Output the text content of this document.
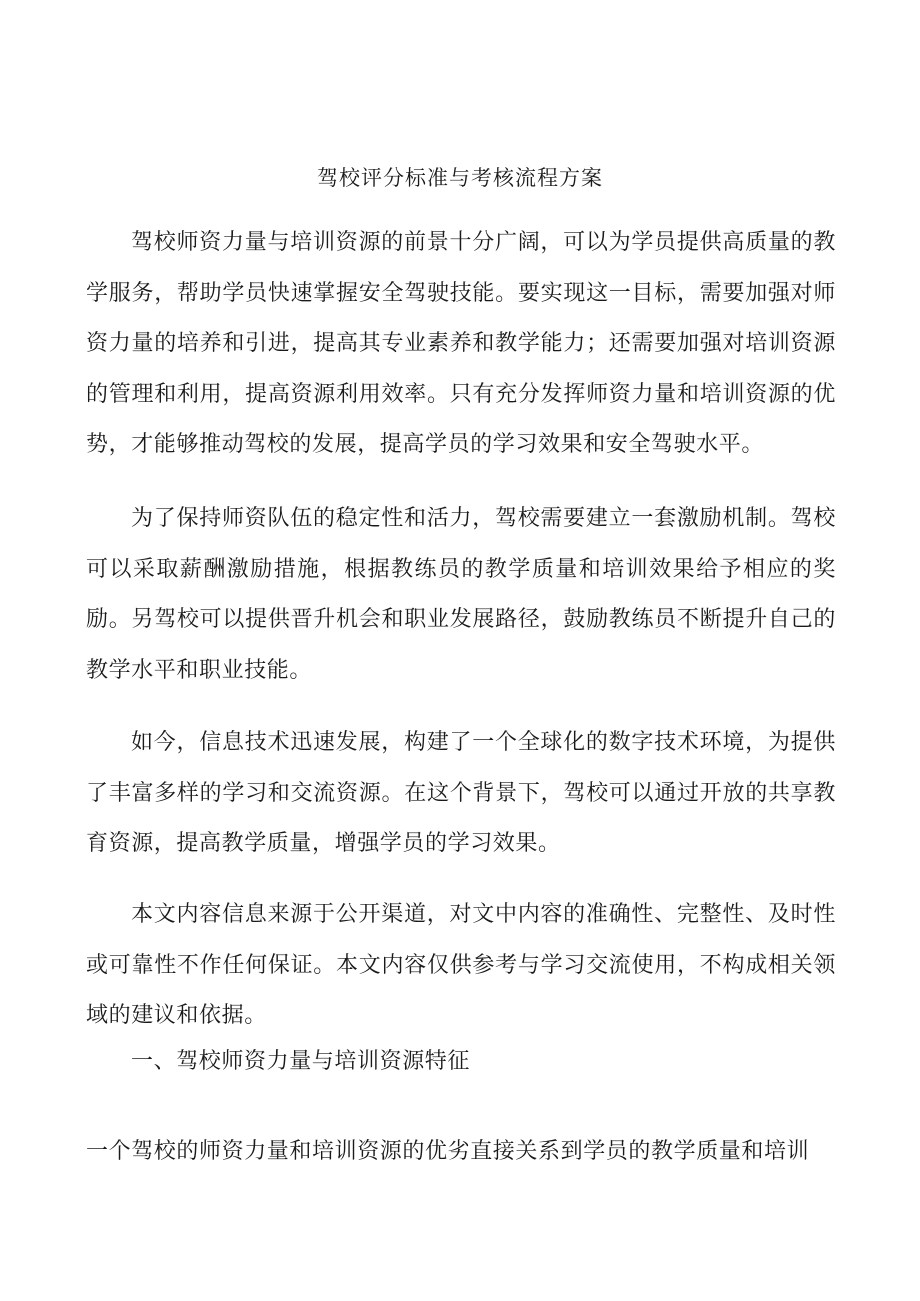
驾校评分标准与考核流程方案

驾校师资力量与培训资源的前景十分广阔，可以为学员提供高质量的教学服务，帮助学员快速掌握安全驾驶技能。要实现这一目标，需要加强对师资力量的培养和引进，提高其专业素养和教学能力；还需要加强对培训资源的管理和利用，提高资源利用效率。只有充分发挥师资力量和培训资源的优势，才能够推动驾校的发展，提高学员的学习效果和安全驾驶水平。

为了保持师资队伍的稳定性和活力，驾校需要建立一套激励机制。驾校可以采取薪酬激励措施，根据教练员的教学质量和培训效果给予相应的奖励。另驾校可以提供晋升机会和职业发展路径，鼓励教练员不断提升自己的教学水平和职业技能。

如今，信息技术迅速发展，构建了一个全球化的数字技术环境，为提供了丰富多样的学习和交流资源。在这个背景下，驾校可以通过开放的共享教育资源，提高教学质量，增强学员的学习效果。

本文内容信息来源于公开渠道，对文中内容的准确性、完整性、及时性或可靠性不作任何保证。本文内容仅供参考与学习交流使用，不构成相关领域的建议和依据。

一、驾校师资力量与培训资源特征

一个驾校的师资力量和培训资源的优劣直接关系到学员的教学质量和培训
